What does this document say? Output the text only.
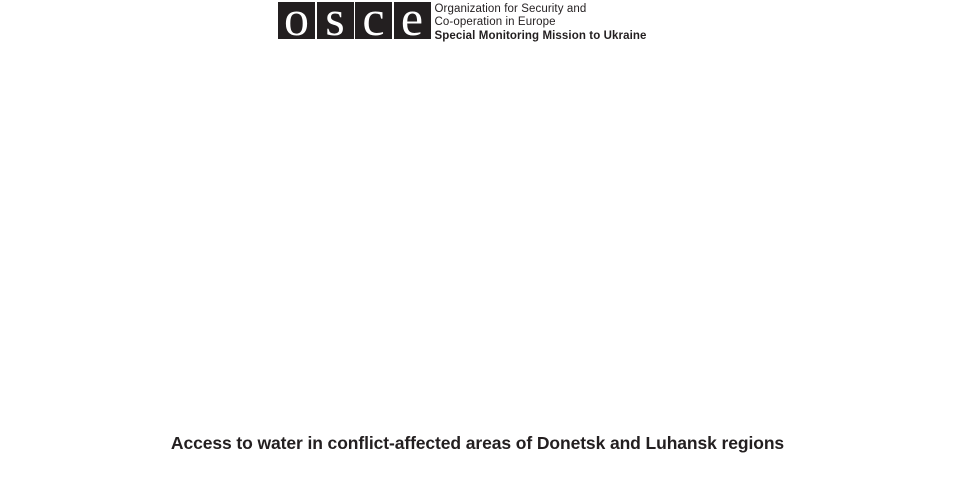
o s c e Organization for Security and
Co-operation in Europe
Special Monitoring Mission to Ukraine
Access to water in conflict-affected areas of Donetsk and Luhansk regions
